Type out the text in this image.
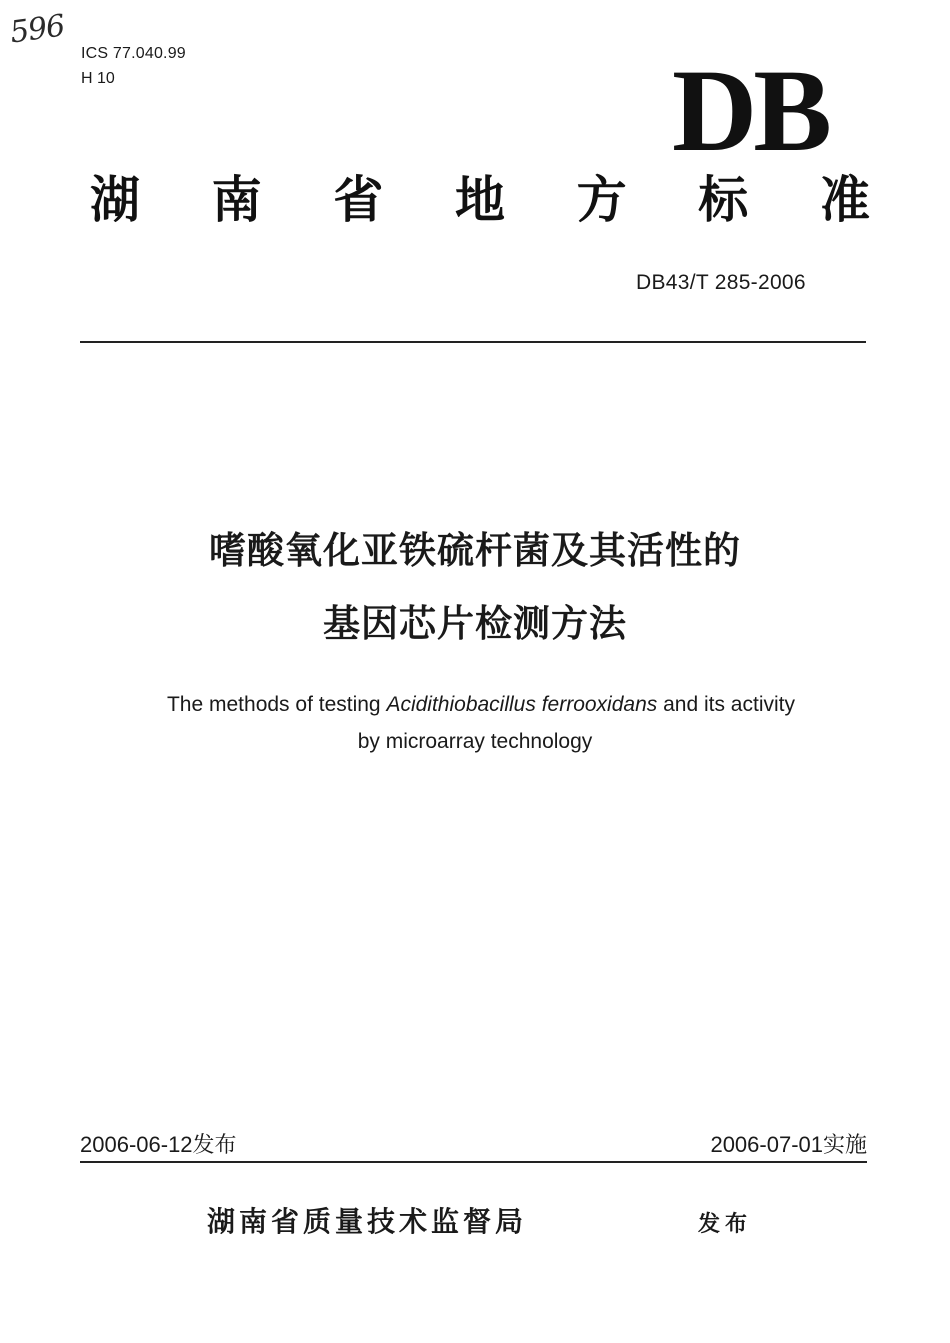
596
ICS 77.040.99
H 10	DB
湖 南 省 地 方 标 准
DB43/T 285-2006
嗜酸氧化亚铁硫杆菌及其活性的
基因芯片检测方法
The methods of testing Acidithiobacillus ferrooxidans and its activity
by microarray technology
2006-06-12发布	2006-07-01实施
湖南省质量技术监督局	发布
